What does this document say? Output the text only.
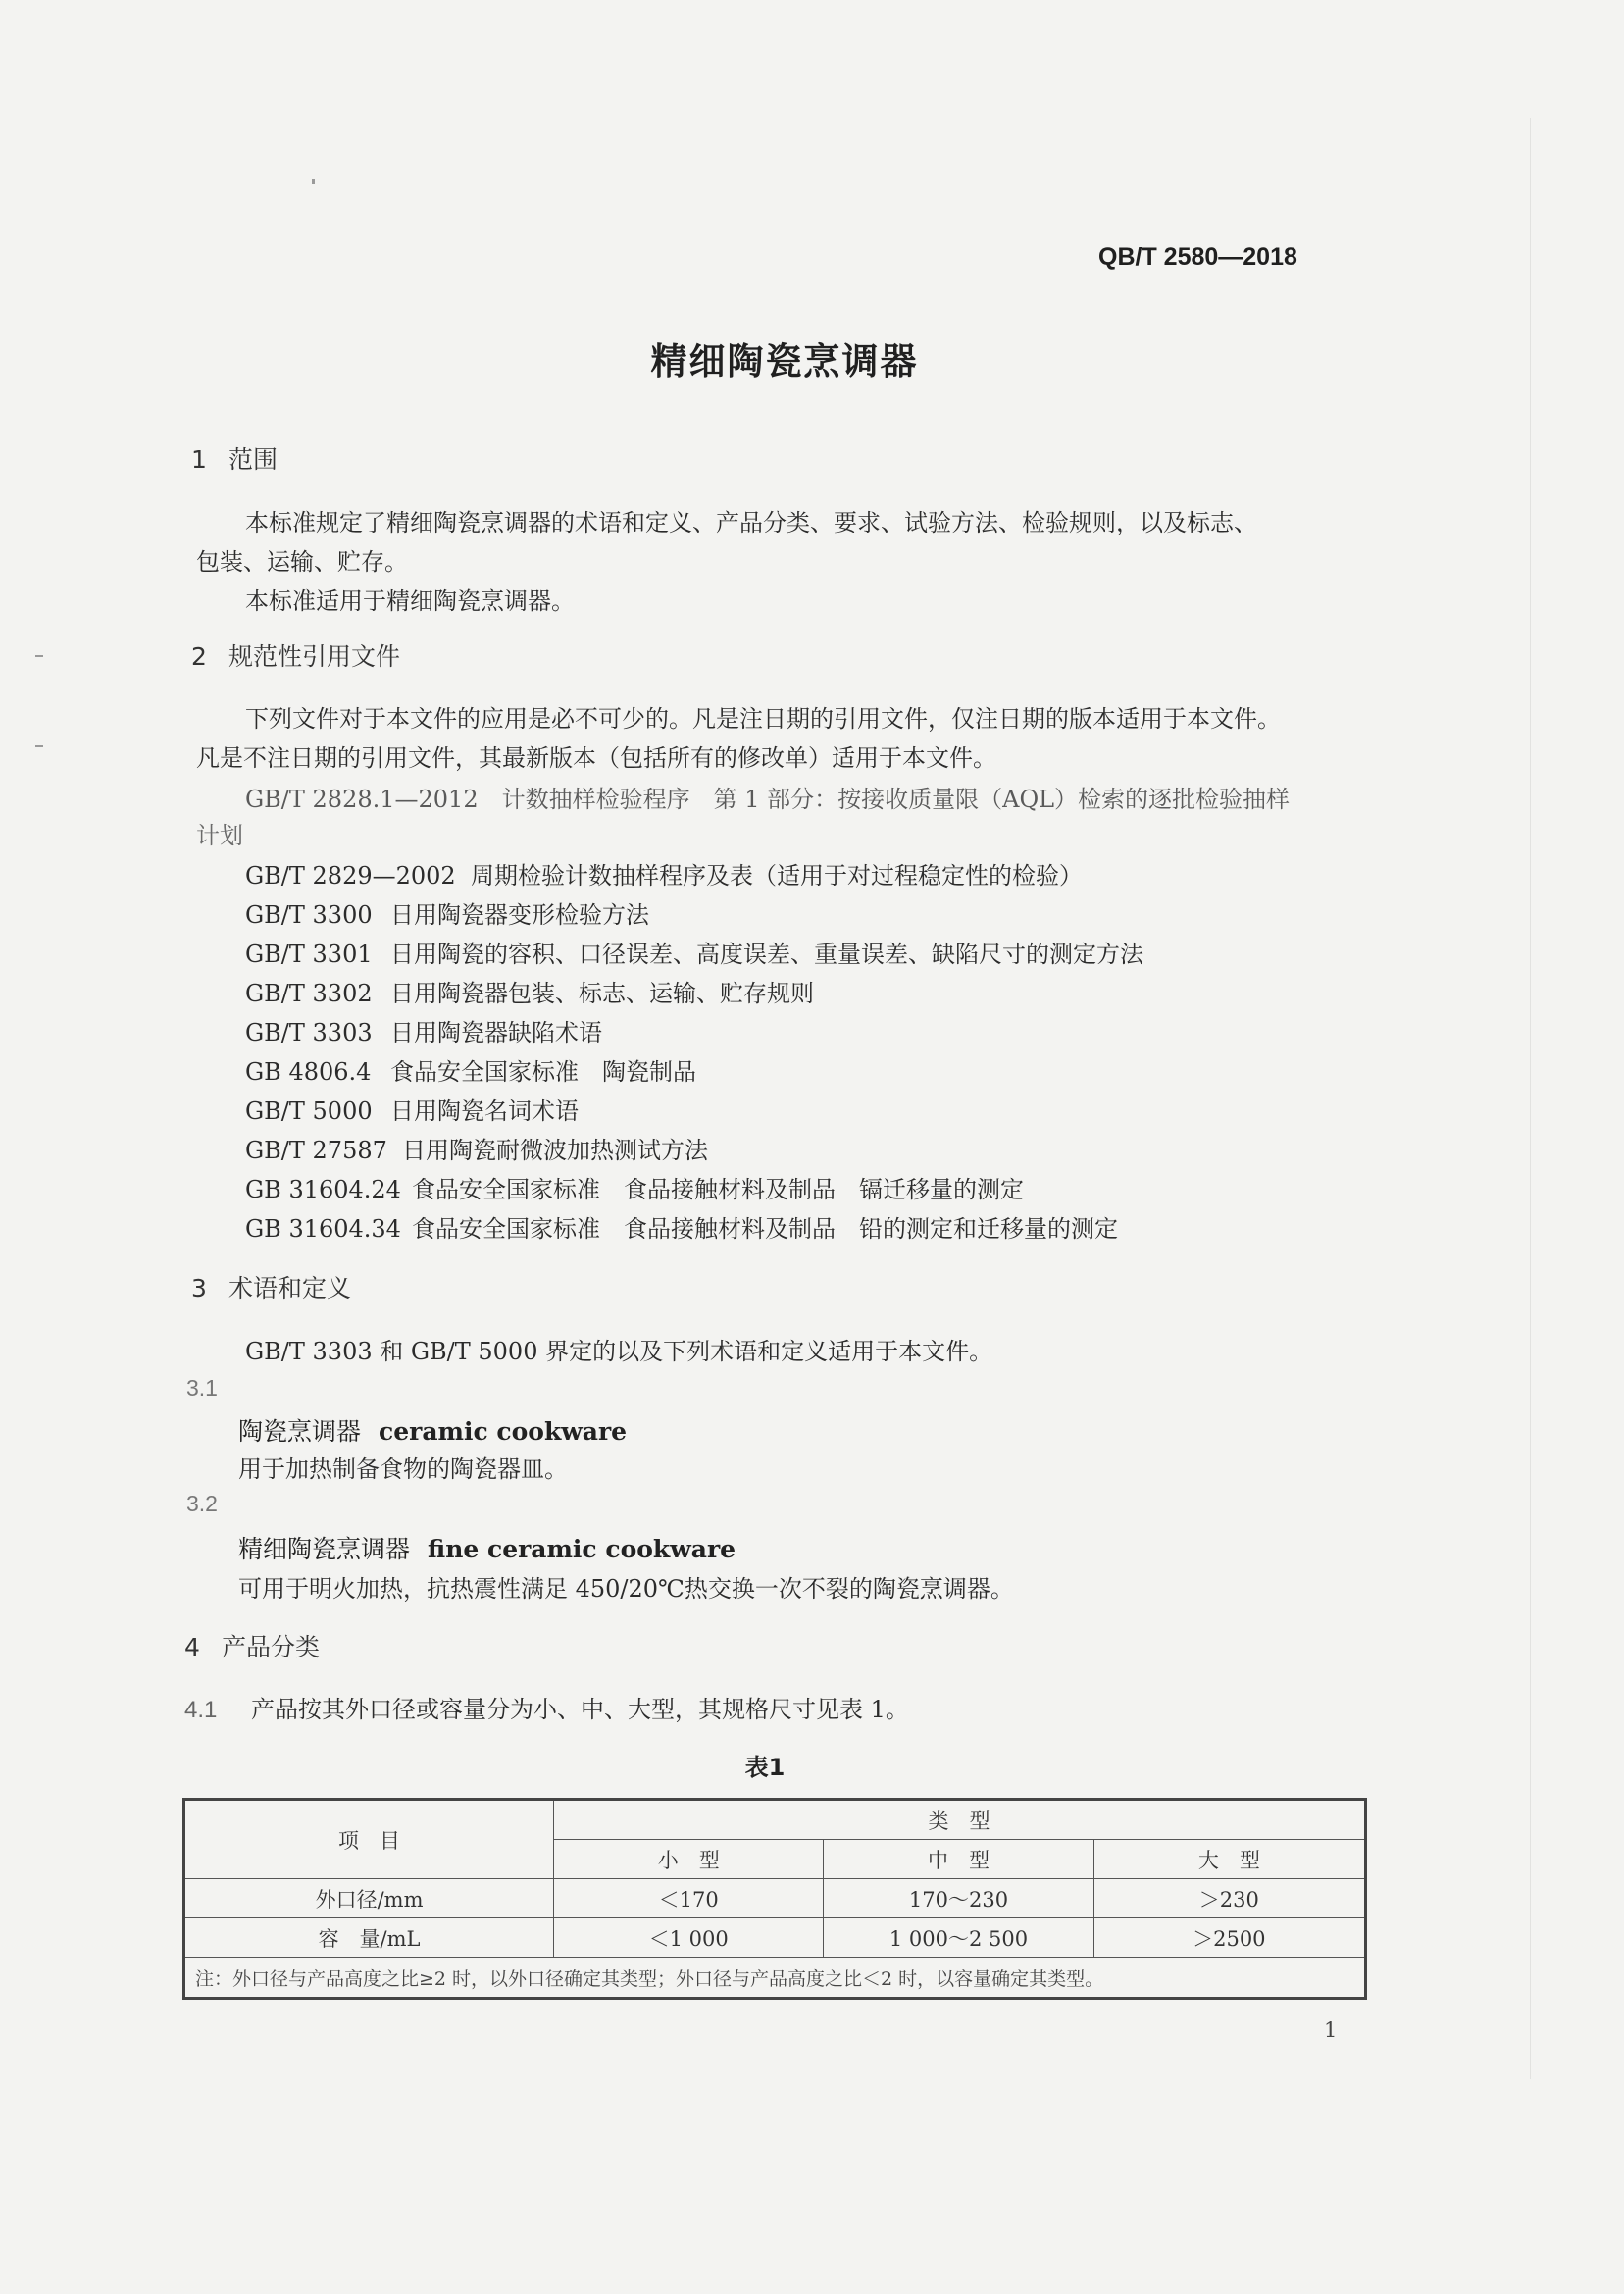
QB/T 2580—2018
精细陶瓷烹调器
1 范围
本标准规定了精细陶瓷烹调器的术语和定义、产品分类、要求、试验方法、检验规则，以及标志、
包装、运输、贮存。
本标准适用于精细陶瓷烹调器。
2 规范性引用文件
下列文件对于本文件的应用是必不可少的。凡是注日期的引用文件，仅注日期的版本适用于本文件。
凡是不注日期的引用文件，其最新版本（包括所有的修改单）适用于本文件。
GB/T 2828.1—2012　计数抽样检验程序　第 1 部分：按接收质量限（AQL）检索的逐批检验抽样
计划
GB/T 2829—2002 周期检验计数抽样程序及表（适用于对过程稳定性的检验）
GB/T 3300 日用陶瓷器变形检验方法
GB/T 3301 日用陶瓷的容积、口径误差、高度误差、重量误差、缺陷尺寸的测定方法
GB/T 3302 日用陶瓷器包装、标志、运输、贮存规则
GB/T 3303 日用陶瓷器缺陷术语
GB 4806.4 食品安全国家标准　陶瓷制品
GB/T 5000 日用陶瓷名词术语
GB/T 27587 日用陶瓷耐微波加热测试方法
GB 31604.24 食品安全国家标准　食品接触材料及制品　镉迁移量的测定
GB 31604.34 食品安全国家标准　食品接触材料及制品　铅的测定和迁移量的测定
3 术语和定义
GB/T 3303 和 GB/T 5000 界定的以及下列术语和定义适用于本文件。
3.1
陶瓷烹调器 ceramic cookware
用于加热制备食物的陶瓷器皿。
3.2
精细陶瓷烹调器 fine ceramic cookware
可用于明火加热，抗热震性满足 450/20℃热交换一次不裂的陶瓷烹调器。
4 产品分类
4.1 产品按其外口径或容量分为小、中、大型，其规格尺寸见表 1。
表1
项　目	类　型		
	小　型	中　型	大　型
外口径/mm	＜170	170～230	＞230
容　量/mL	＜1 000	1 000～2 500	＞2500
注：外口径与产品高度之比≥2 时，以外口径确定其类型；外口径与产品高度之比＜2 时，以容量确定其类型。			
1
